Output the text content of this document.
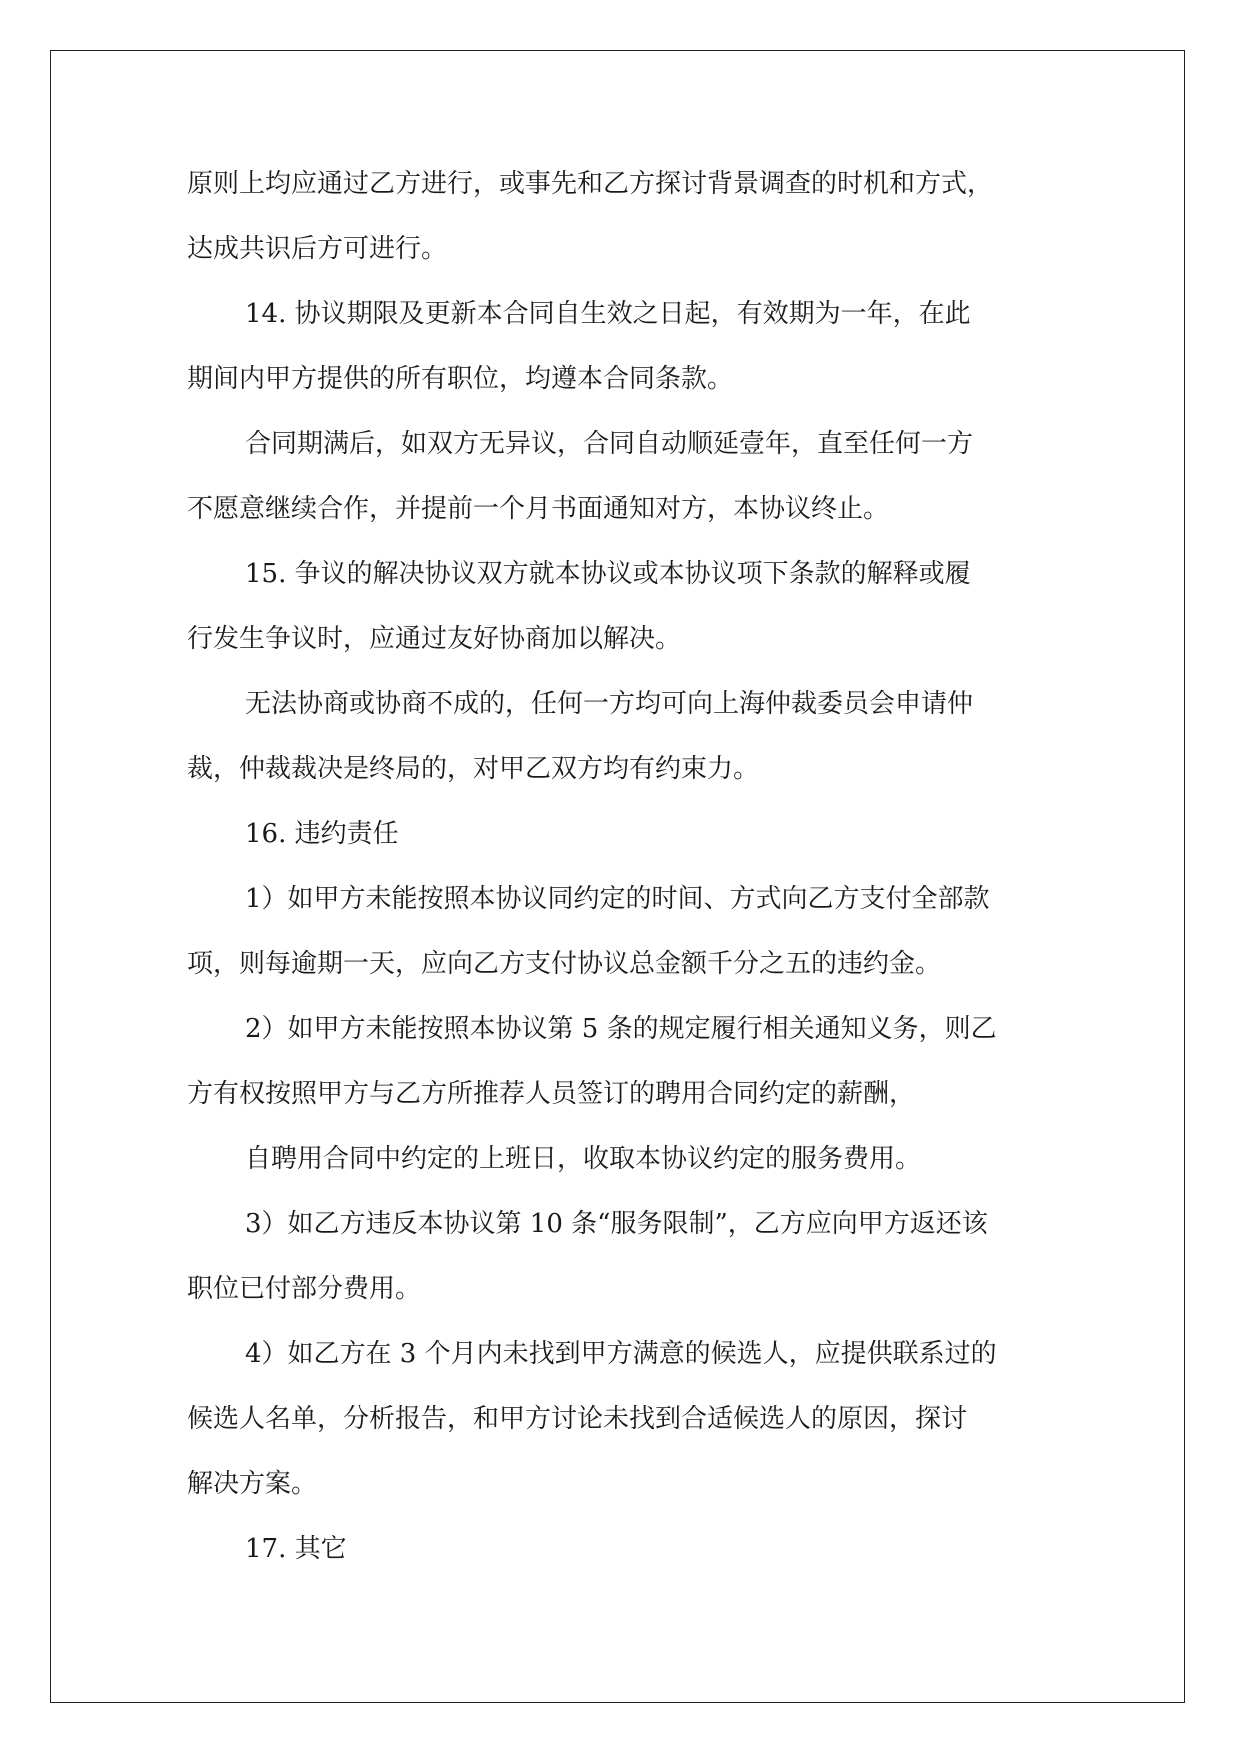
原则上均应通过乙方进行，或事先和乙方探讨背景调查的时机和方式，
达成共识后方可进行。
14. 协议期限及更新本合同自生效之日起，有效期为一年，在此
期间内甲方提供的所有职位，均遵本合同条款。
合同期满后，如双方无异议，合同自动顺延壹年，直至任何一方
不愿意继续合作，并提前一个月书面通知对方，本协议终止。
15. 争议的解决协议双方就本协议或本协议项下条款的解释或履
行发生争议时，应通过友好协商加以解决。
无法协商或协商不成的，任何一方均可向上海仲裁委员会申请仲
裁，仲裁裁决是终局的，对甲乙双方均有约束力。
16. 违约责任
1）如甲方未能按照本协议同约定的时间、方式向乙方支付全部款
项，则每逾期一天，应向乙方支付协议总金额千分之五的违约金。
2）如甲方未能按照本协议第 5 条的规定履行相关通知义务，则乙
方有权按照甲方与乙方所推荐人员签订的聘用合同约定的薪酬，
自聘用合同中约定的上班日，收取本协议约定的服务费用。
3）如乙方违反本协议第 10 条“服务限制”，乙方应向甲方返还该
职位已付部分费用。
4）如乙方在 3 个月内未找到甲方满意的候选人，应提供联系过的
候选人名单，分析报告，和甲方讨论未找到合适候选人的原因，探讨
解决方案。
17. 其它
